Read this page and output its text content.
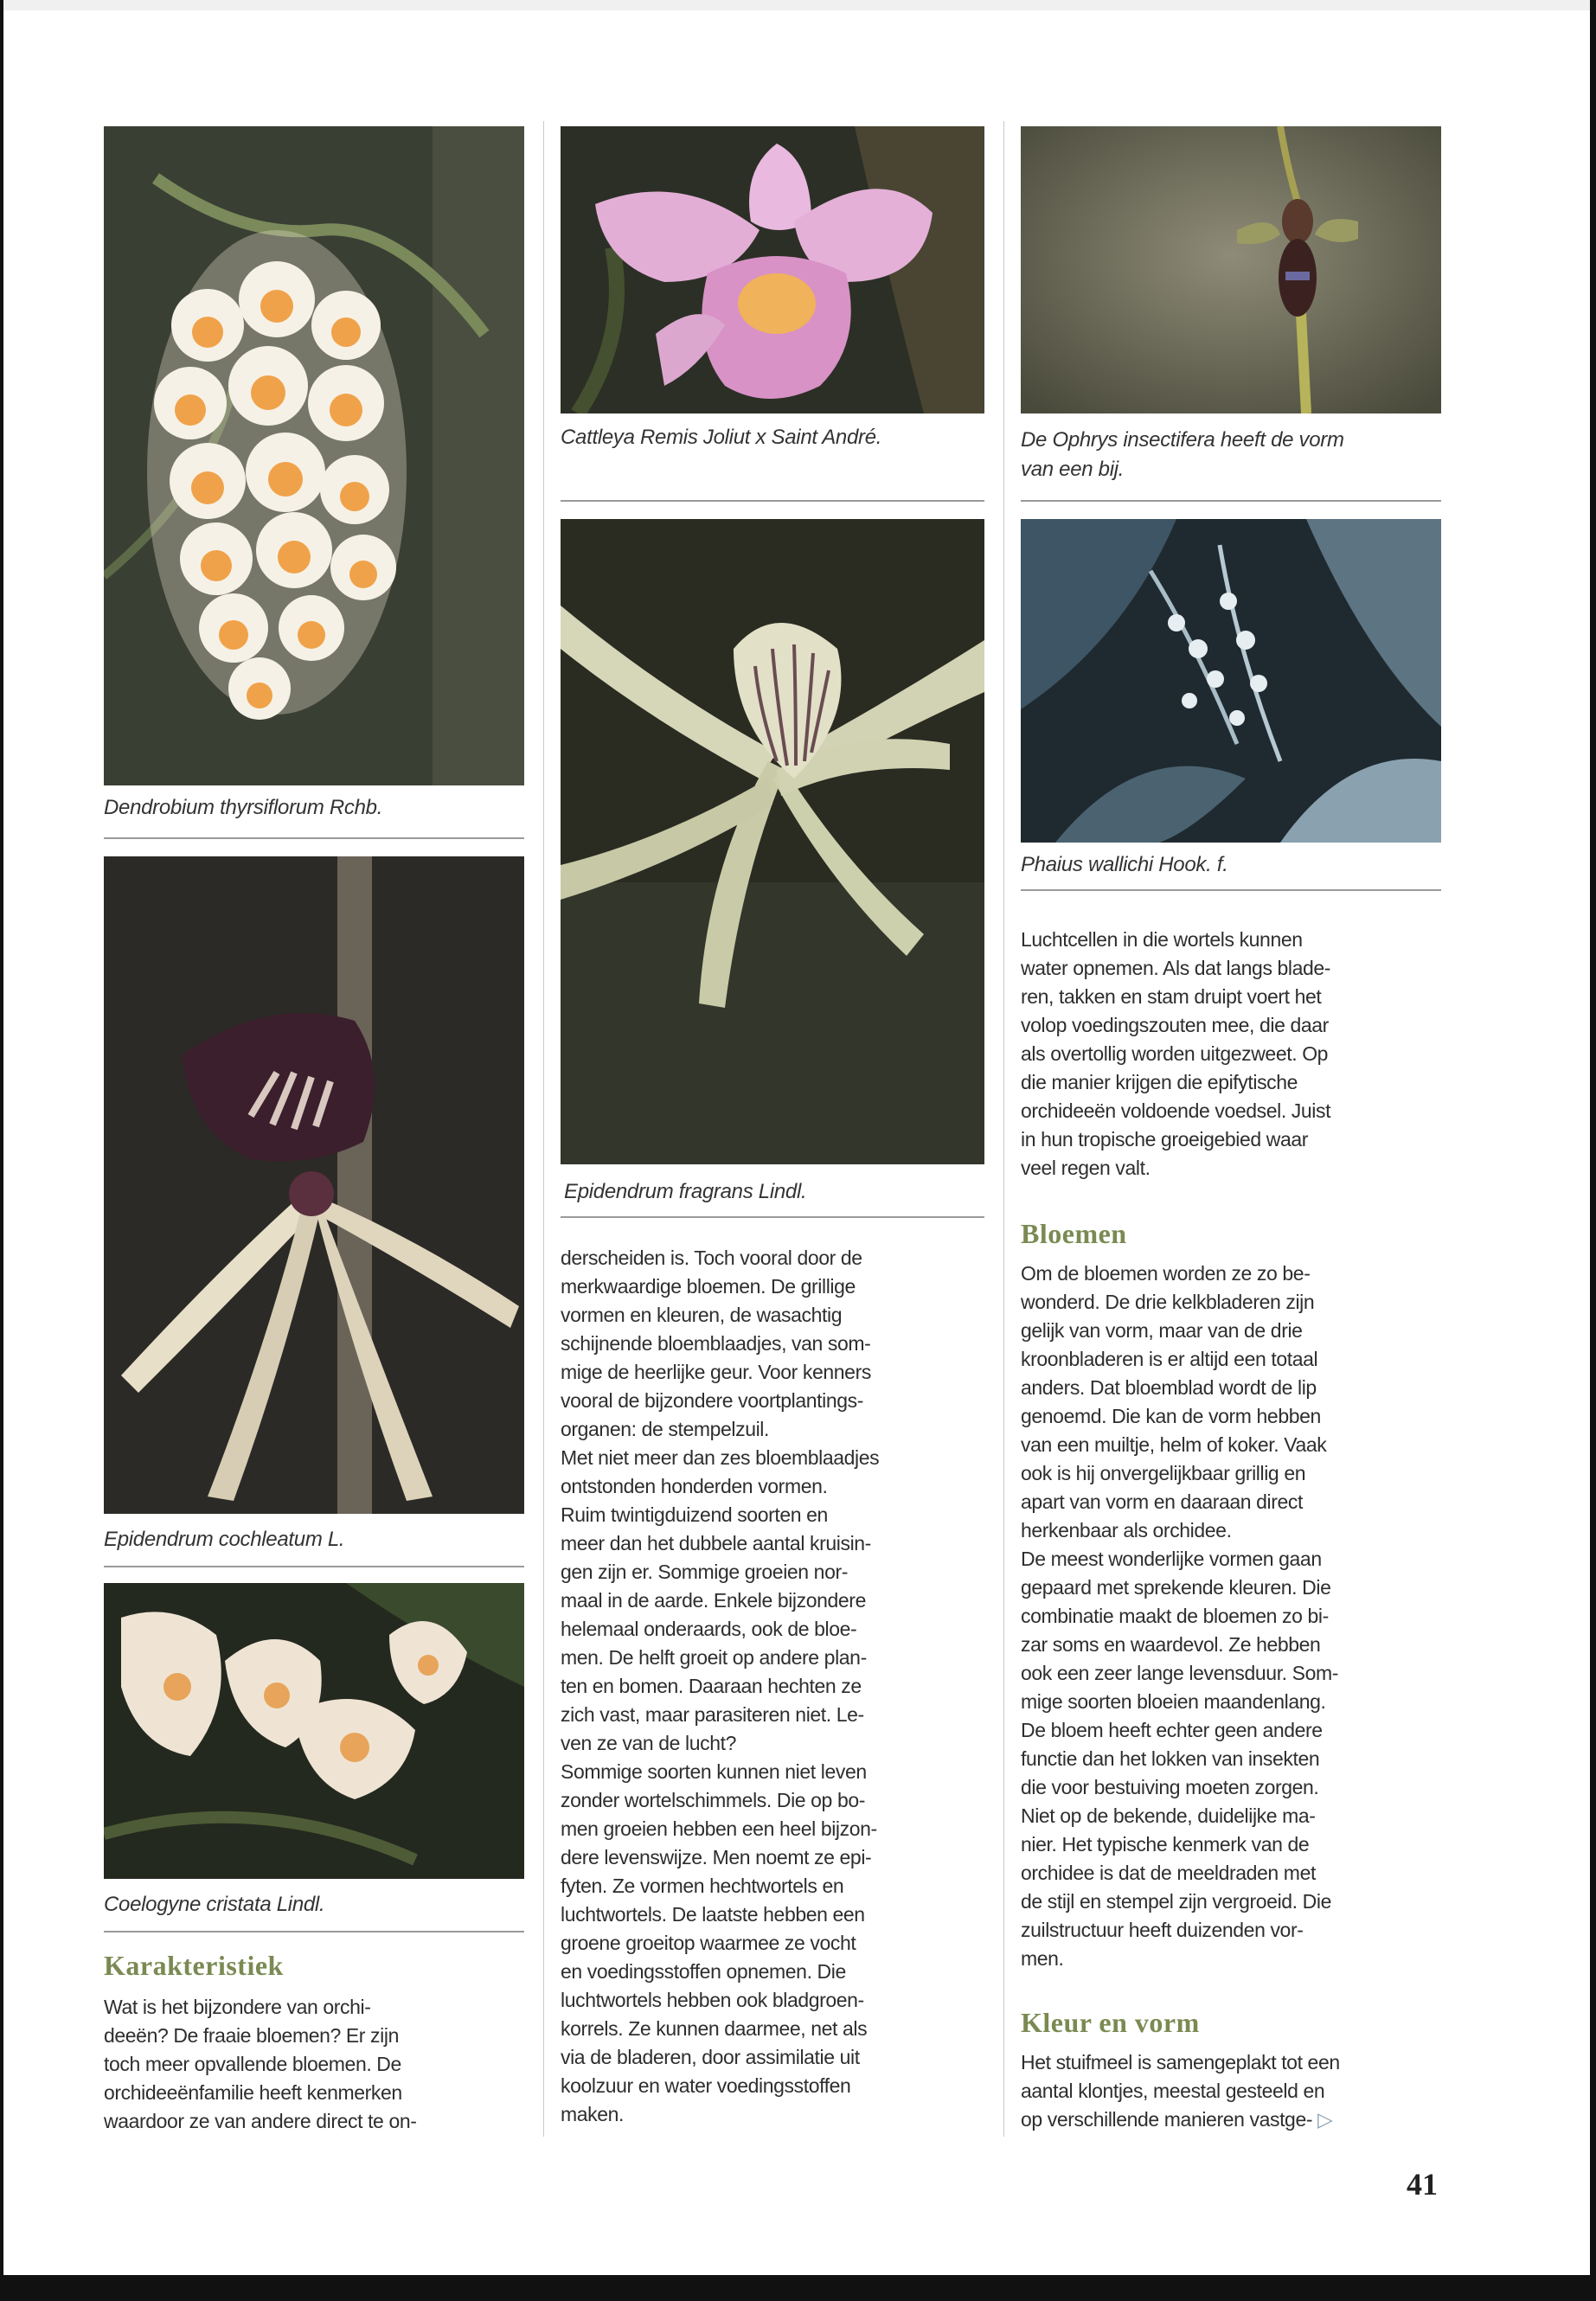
Dendrobium thyrsiflorum Rchb.
Epidendrum cochleatum L.
Coelogyne cristata Lindl.
Karakteristiek
Wat is het bijzondere van orchi-
deeën? De fraaie bloemen? Er zijn
toch meer opvallende bloemen. De
orchideeënfamilie heeft kenmerken
waardoor ze van andere direct te on-
Cattleya Remis Joliut x Saint André.
Epidendrum fragrans Lindl.
derscheiden is. Toch vooral door de
merkwaardige bloemen. De grillige
vormen en kleuren, de wasachtig
schijnende bloemblaadjes, van som-
mige de heerlijke geur. Voor kenners
vooral de bijzondere voortplantings-
organen: de stempelzuil.
Met niet meer dan zes bloemblaadjes
ontstonden honderden vormen.
Ruim twintigduizend soorten en
meer dan het dubbele aantal kruisin-
gen zijn er. Sommige groeien nor-
maal in de aarde. Enkele bijzondere
helemaal onderaards, ook de bloe-
men. De helft groeit op andere plan-
ten en bomen. Daaraan hechten ze
zich vast, maar parasiteren niet. Le-
ven ze van de lucht?
Sommige soorten kunnen niet leven
zonder wortelschimmels. Die op bo-
men groeien hebben een heel bijzon-
dere levenswijze. Men noemt ze epi-
fyten. Ze vormen hechtwortels en
luchtwortels. De laatste hebben een
groene groeitop waarmee ze vocht
en voedingsstoffen opnemen. Die
luchtwortels hebben ook bladgroen-
korrels. Ze kunnen daarmee, net als
via de bladeren, door assimilatie uit
koolzuur en water voedingsstoffen
maken.
De Ophrys insectifera heeft de vorm
van een bij.
Phaius wallichi Hook. f.
Luchtcellen in die wortels kunnen
water opnemen. Als dat langs blade-
ren, takken en stam druipt voert het
volop voedingszouten mee, die daar
als overtollig worden uitgezweet. Op
die manier krijgen die epifytische
orchideeën voldoende voedsel. Juist
in hun tropische groeigebied waar
veel regen valt.
Bloemen
Om de bloemen worden ze zo be-
wonderd. De drie kelkbladeren zijn
gelijk van vorm, maar van de drie
kroonbladeren is er altijd een totaal
anders. Dat bloemblad wordt de lip
genoemd. Die kan de vorm hebben
van een muiltje, helm of koker. Vaak
ook is hij onvergelijkbaar grillig en
apart van vorm en daaraan direct
herkenbaar als orchidee.
De meest wonderlijke vormen gaan
gepaard met sprekende kleuren. Die
combinatie maakt de bloemen zo bi-
zar soms en waardevol. Ze hebben
ook een zeer lange levensduur. Som-
mige soorten bloeien maandenlang.
De bloem heeft echter geen andere
functie dan het lokken van insekten
die voor bestuiving moeten zorgen.
Niet op de bekende, duidelijke ma-
nier. Het typische kenmerk van de
orchidee is dat de meeldraden met
de stijl en stempel zijn vergroeid. Die
zuilstructuur heeft duizenden vor-
men.
Kleur en vorm
Het stuifmeel is samengeplakt tot een
aantal klontjes, meestal gesteeld en
op verschillende manieren vastge- ▷
41
